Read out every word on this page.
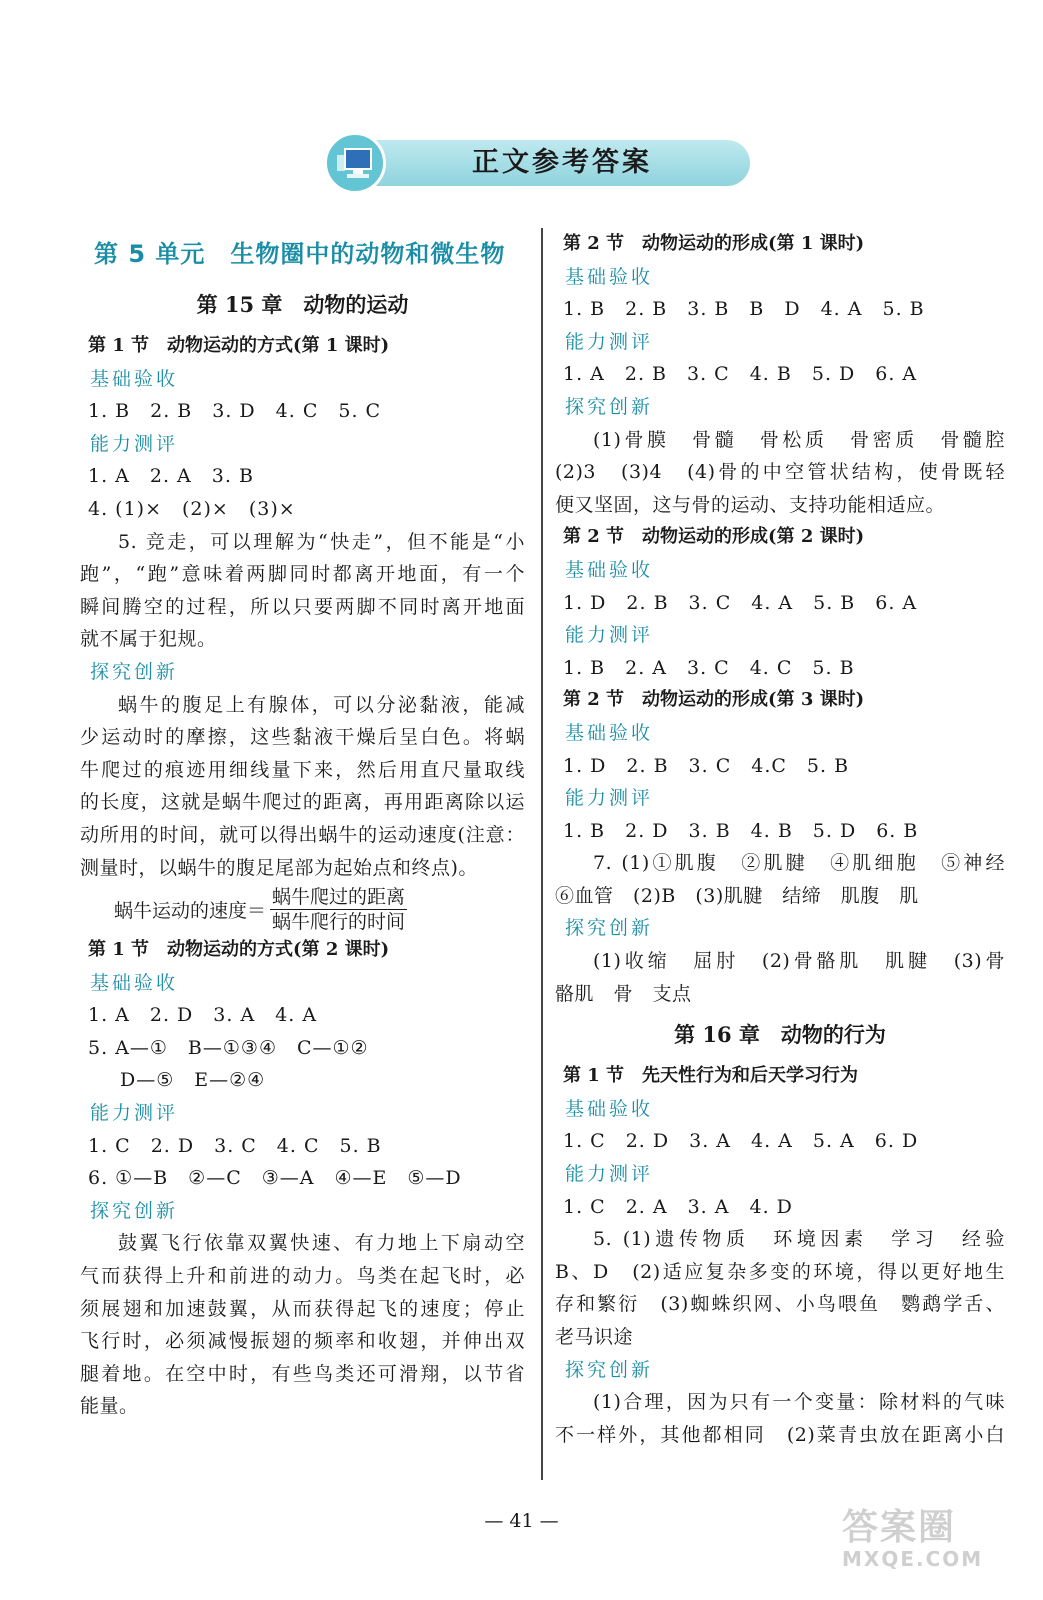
正文参考答案
第 5 单元　生物圈中的动物和微生物
第 15 章　动物的运动
第 1 节　动物运动的方式(第 1 课时)
基础验收
1. B　2. B　3. D　4. C　5. C
能力测评
1. A　2. A　3. B
4. (1)×　(2)×　(3)×
5. 竞走，可以理解为“快走”，但不能是“小
跑”，“跑”意味着两脚同时都离开地面，有一个
瞬间腾空的过程，所以只要两脚不同时离开地面
就不属于犯规。
探究创新
蜗牛的腹足上有腺体，可以分泌黏液，能减
少运动时的摩擦，这些黏液干燥后呈白色。将蜗
牛爬过的痕迹用细线量下来，然后用直尺量取线
的长度，这就是蜗牛爬过的距离，再用距离除以运
动所用的时间，就可以得出蜗牛的运动速度(注意：
测量时，以蜗牛的腹足尾部为起始点和终点)。
蜗牛运动的速度＝ $\frac{\text{蜗牛爬过的距离}}{\text{蜗牛爬行的时间}}$
第 1 节　动物运动的方式(第 2 课时)
基础验收
1. A　2. D　3. A　4. A
5. A—①　B—①③④　C—①②
D—⑤　E—②④
能力测评
1. C　2. D　3. C　4. C　5. B
6. ①—B　②—C　③—A　④—E　⑤—D
探究创新
鼓翼飞行依靠双翼快速、有力地上下扇动空
气而获得上升和前进的动力。鸟类在起飞时，必
须展翅和加速鼓翼，从而获得起飞的速度；停止
飞行时，必须减慢振翅的频率和收翅，并伸出双
腿着地。在空中时，有些鸟类还可滑翔，以节省
能量。
第 2 节　动物运动的形成(第 1 课时)
基础验收
1. B　2. B　3. B　B　D　4. A　5. B
能力测评
1. A　2. B　3. C　4. B　5. D　6. A
探究创新
(1)骨膜　骨髓　骨松质　骨密质　骨髓腔
(2)3　(3)4　(4)骨的中空管状结构，使骨既轻
便又坚固，这与骨的运动、支持功能相适应。
第 2 节　动物运动的形成(第 2 课时)
基础验收
1. D　2. B　3. C　4. A　5. B　6. A
能力测评
1. B　2. A　3. C　4. C　5. B
第 2 节　动物运动的形成(第 3 课时)
基础验收
1. D　2. B　3. C　4.C　5. B
能力测评
1. B　2. D　3. B　4. B　5. D　6. B
7. (1)①肌腹　②肌腱　④肌细胞　⑤神经
⑥血管　(2)B　(3)肌腱　结缔　肌腹　肌
探究创新
(1)收缩　屈肘　(2)骨骼肌　肌腱　(3)骨
骼肌　骨　支点
第 16 章　动物的行为
第 1 节　先天性行为和后天学习行为
基础验收
1. C　2. D　3. A　4. A　5. A　6. D
能力测评
1. C　2. A　3. A　4. D
5. (1)遗传物质　环境因素　学习　经验
B、D　(2)适应复杂多变的环境，得以更好地生
存和繁衍　(3)蜘蛛织网、小鸟喂鱼　鹦鹉学舌、
老马识途
探究创新
(1)合理，因为只有一个变量：除材料的气味
不一样外，其他都相同　(2)菜青虫放在距离小白
— 41 —	答案圈
MXQE.COM
